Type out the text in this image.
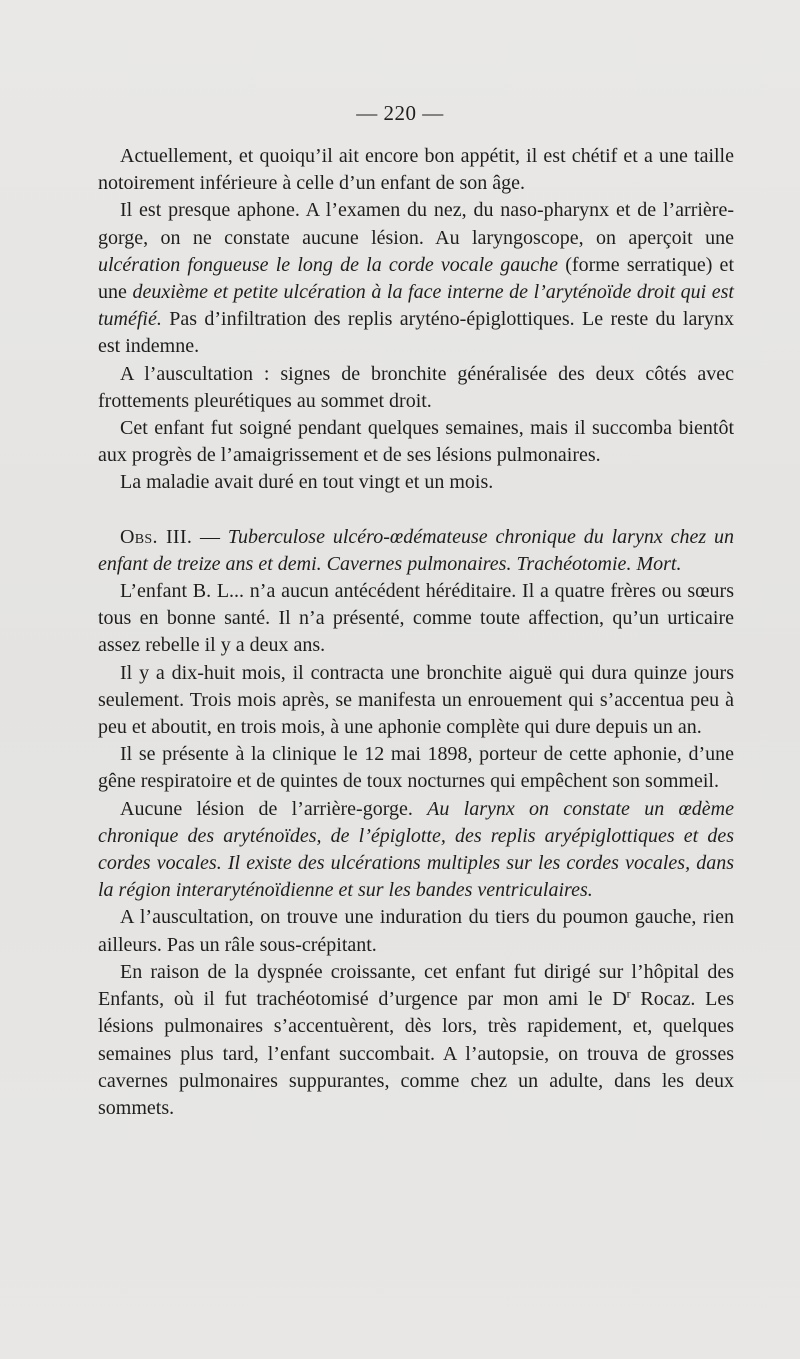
— 220 —

Actuellement, et quoiqu’il ait encore bon appétit, il est chétif et a une taille notoirement inférieure à celle d’un enfant de son âge.

Il est presque aphone. A l’examen du nez, du naso-pharynx et de l’arrière-gorge, on ne constate aucune lésion. Au laryngoscope, on aperçoit une ulcération fongueuse le long de la corde vocale gauche (forme serratique) et une deuxième et petite ulcération à la face interne de l’aryténoïde droit qui est tuméfié. Pas d’infiltration des replis aryténo-épiglottiques. Le reste du larynx est indemne.

A l’auscultation : signes de bronchite généralisée des deux côtés avec frottements pleurétiques au sommet droit.

Cet enfant fut soigné pendant quelques semaines, mais il succomba bientôt aux progrès de l’amaigrissement et de ses lésions pulmonaires.

La maladie avait duré en tout vingt et un mois.

Obs. III. — Tuberculose ulcéro-œdémateuse chronique du larynx chez un enfant de treize ans et demi. Cavernes pulmonaires. Trachéotomie. Mort.

L’enfant B. L... n’a aucun antécédent héréditaire. Il a quatre frères ou sœurs tous en bonne santé. Il n’a présenté, comme toute affection, qu’un urticaire assez rebelle il y a deux ans.

Il y a dix-huit mois, il contracta une bronchite aiguë qui dura quinze jours seulement. Trois mois après, se manifesta un enrouement qui s’accentua peu à peu et aboutit, en trois mois, à une aphonie complète qui dure depuis un an.

Il se présente à la clinique le 12 mai 1898, porteur de cette aphonie, d’une gêne respiratoire et de quintes de toux nocturnes qui empêchent son sommeil.

Aucune lésion de l’arrière-gorge. Au larynx on constate un œdème chronique des aryténoïdes, de l’épiglotte, des replis aryépiglottiques et des cordes vocales. Il existe des ulcérations multiples sur les cordes vocales, dans la région interaryténoïdienne et sur les bandes ventriculaires.

A l’auscultation, on trouve une induration du tiers du poumon gauche, rien ailleurs. Pas un râle sous-crépitant.

En raison de la dyspnée croissante, cet enfant fut dirigé sur l’hôpital des Enfants, où il fut trachéotomisé d’urgence par mon ami le $D^r$ Rocaz. Les lésions pulmonaires s’accentuèrent, dès lors, très rapidement, et, quelques semaines plus tard, l’enfant succombait. A l’autopsie, on trouva de grosses cavernes pulmonaires suppurantes, comme chez un adulte, dans les deux sommets.
